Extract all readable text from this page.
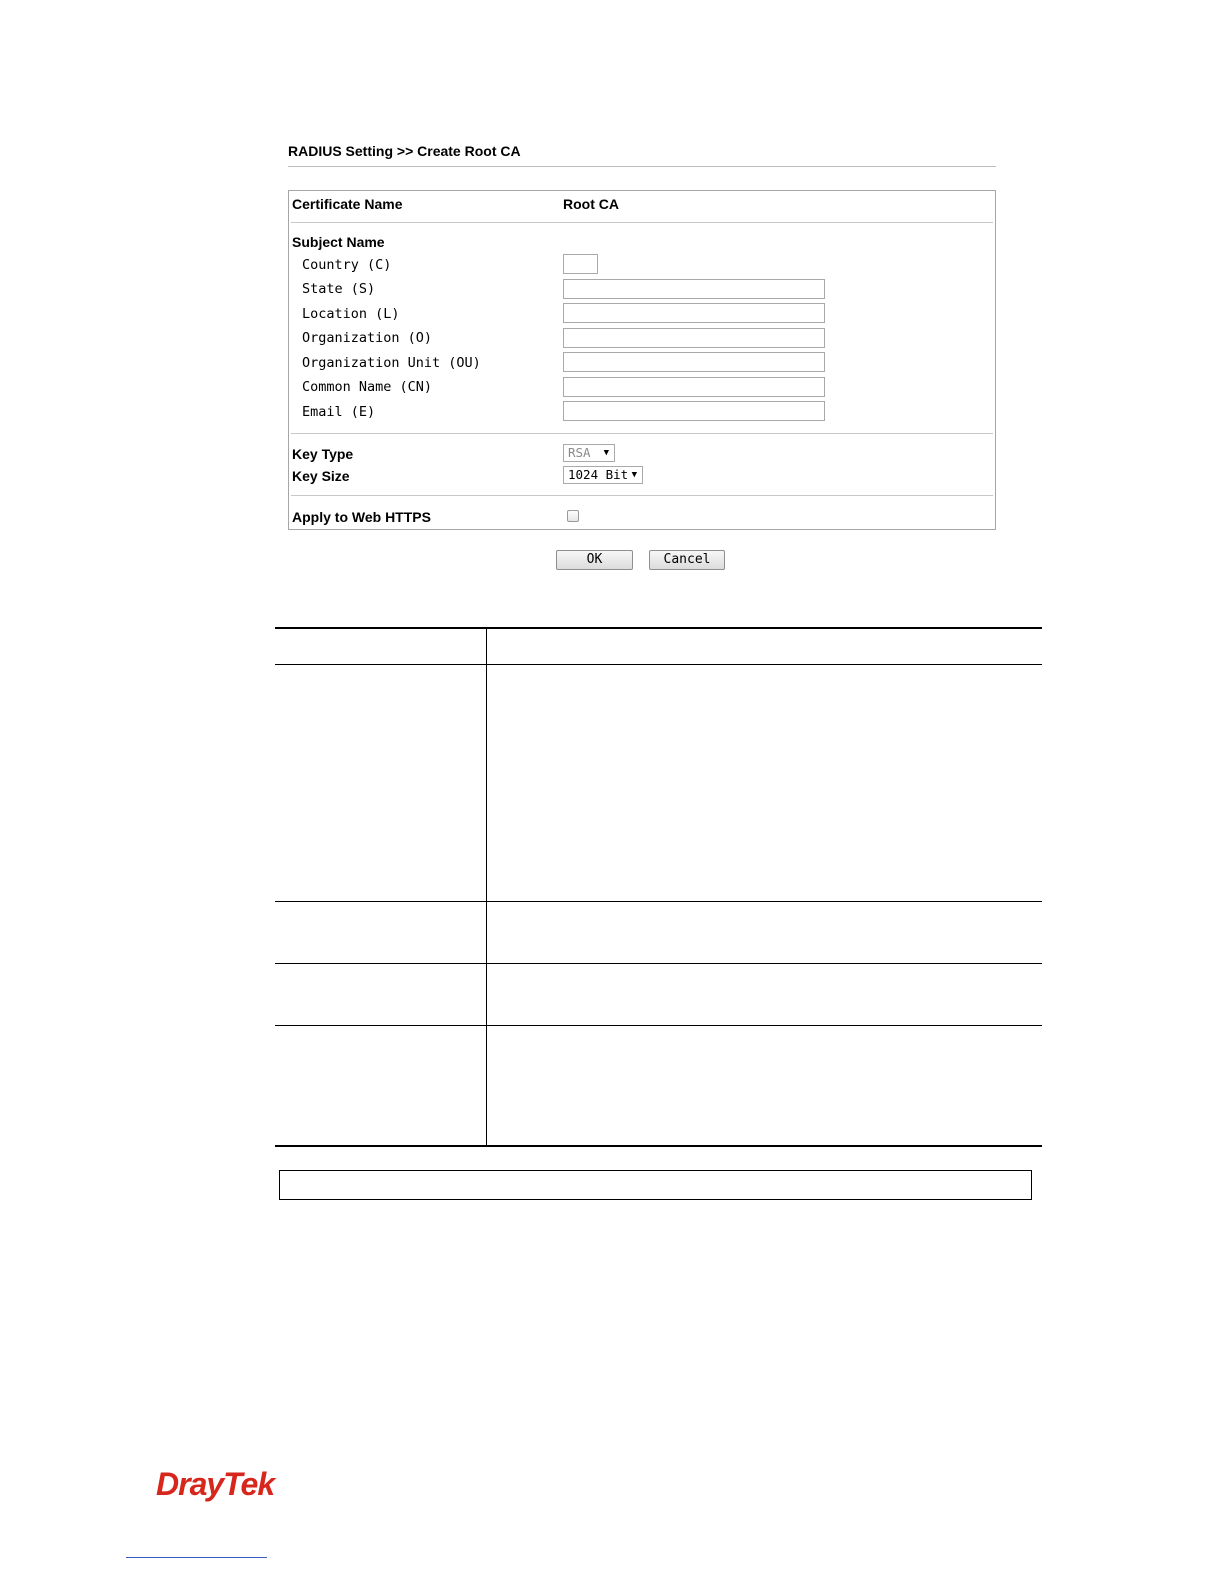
RADIUS Setting >> Create Root CA
Certificate Name	Root CA
Subject Name
Country (C)
State (S)
Location (L)
Organization (O)
Organization Unit (OU)
Common Name (CN)
Email (E)
Key Type	RSA ▼
Key Size	1024 Bit ▼
Apply to Web HTTPS
OK	Cancel
DrayTek
